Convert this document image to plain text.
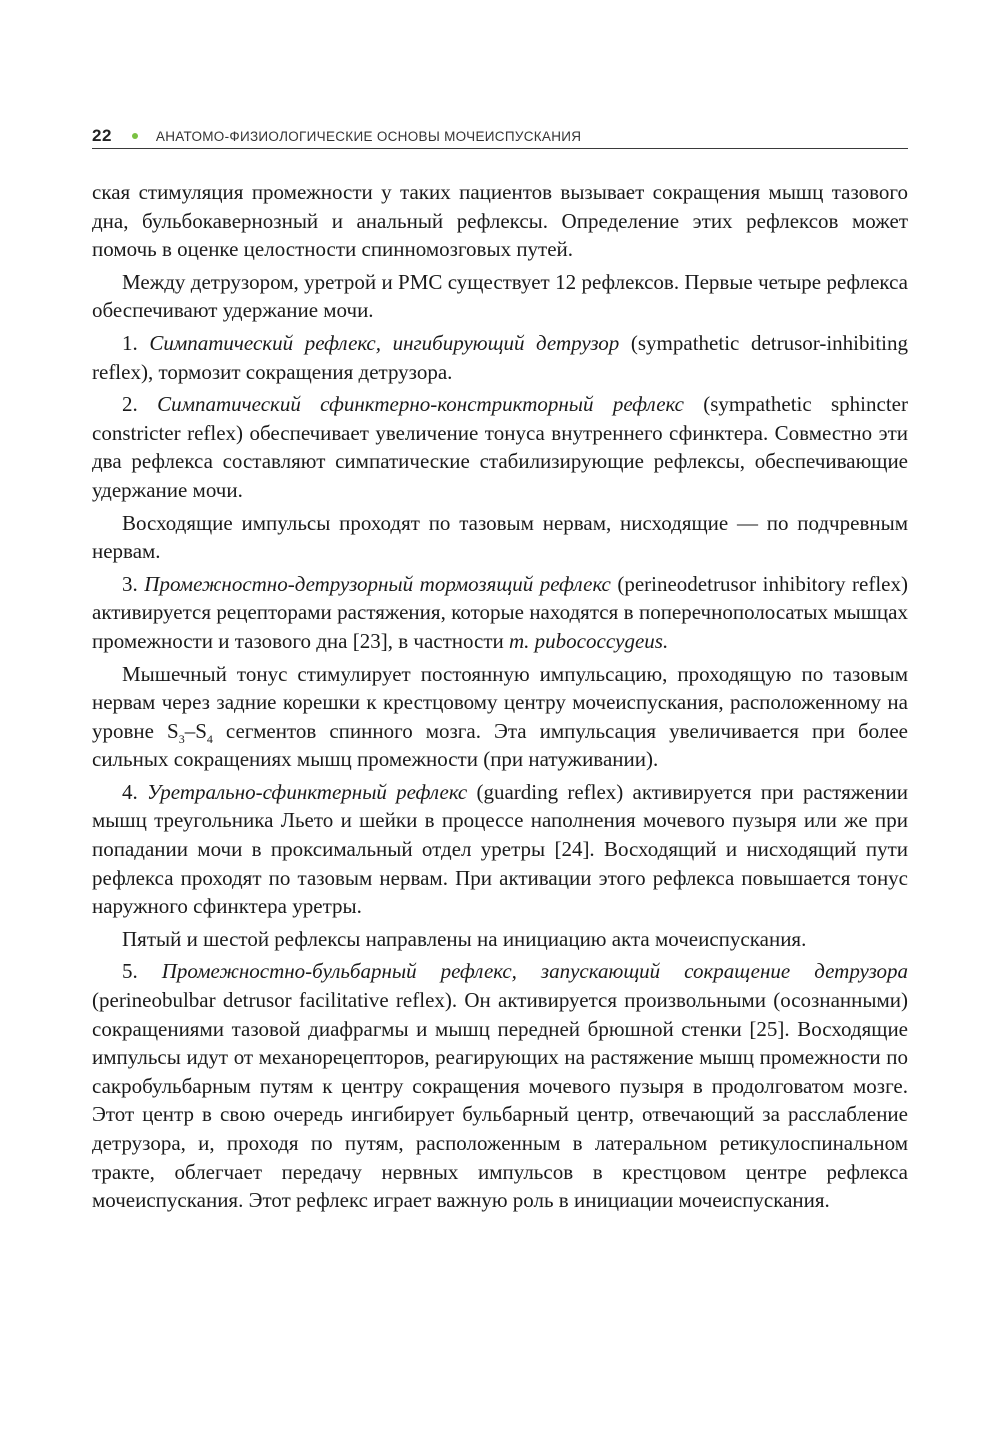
22	АНАТОМО-ФИЗИОЛОГИЧЕСКИЕ ОСНОВЫ МОЧЕИСПУСКАНИЯ

ская стимуляция промежности у таких пациентов вызывает сокращения мышц тазового дна, бульбокавернозный и анальный рефлексы. Определение этих рефлексов может помочь в оценке целостности спинномозговых путей.

Между детрузором, уретрой и PMC существует 12 рефлексов. Первые четыре рефлекса обеспечивают удержание мочи.

1. Симпатический рефлекс, ингибирующий детрузор (sympathetic detrusor-inhibiting reflex), тормозит сокращения детрузора.

2. Симпатический сфинктерно-констрикторный рефлекс (sympathetic sphincter constricter reflex) обеспечивает увеличение тонуса внутреннего сфинктера. Совместно эти два рефлекса составляют симпатические стабилизирующие рефлексы, обеспечивающие удержание мочи.

Восходящие импульсы проходят по тазовым нервам, нисходящие — по подчревным нервам.

3. Промежностно-детрузорный тормозящий рефлекс (perineodetrusor inhibitory reflex) активируется рецепторами растяжения, которые находятся в поперечнополосатых мышцах промежности и тазового дна [23], в частности m. pubococcygeus.

Мышечный тонус стимулирует постоянную импульсацию, проходящую по тазовым нервам через задние корешки к крестцовому центру мочеиспускания, расположенному на уровне $S_3-S_4$ сегментов спинного мозга. Эта импульсация увеличивается при более сильных сокращениях мышц промежности (при натуживании).

4. Уретрально-сфинктерный рефлекс (guarding reflex) активируется при растяжении мышц треугольника Льето и шейки в процессе наполнения мочевого пузыря или же при попадании мочи в проксимальный отдел уретры [24]. Восходящий и нисходящий пути рефлекса проходят по тазовым нервам. При активации этого рефлекса повышается тонус наружного сфинктера уретры.

Пятый и шестой рефлексы направлены на инициацию акта мочеиспускания.

5. Промежностно-бульбарный рефлекс, запускающий сокращение детрузора (perineobulbar detrusor facilitative reflex). Он активируется произвольными (осознанными) сокращениями тазовой диафрагмы и мышц передней брюшной стенки [25]. Восходящие импульсы идут от механорецепторов, реагирующих на растяжение мышц промежности по сакробульбарным путям к центру сокращения мочевого пузыря в продолговатом мозге. Этот центр в свою очередь ингибирует бульбарный центр, отвечающий за расслабление детрузора, и, проходя по путям, расположенным в латеральном ретикулоспинальном тракте, облегчает передачу нервных импульсов в крестцовом центре рефлекса мочеиспускания. Этот рефлекс играет важную роль в инициации мочеиспускания.
